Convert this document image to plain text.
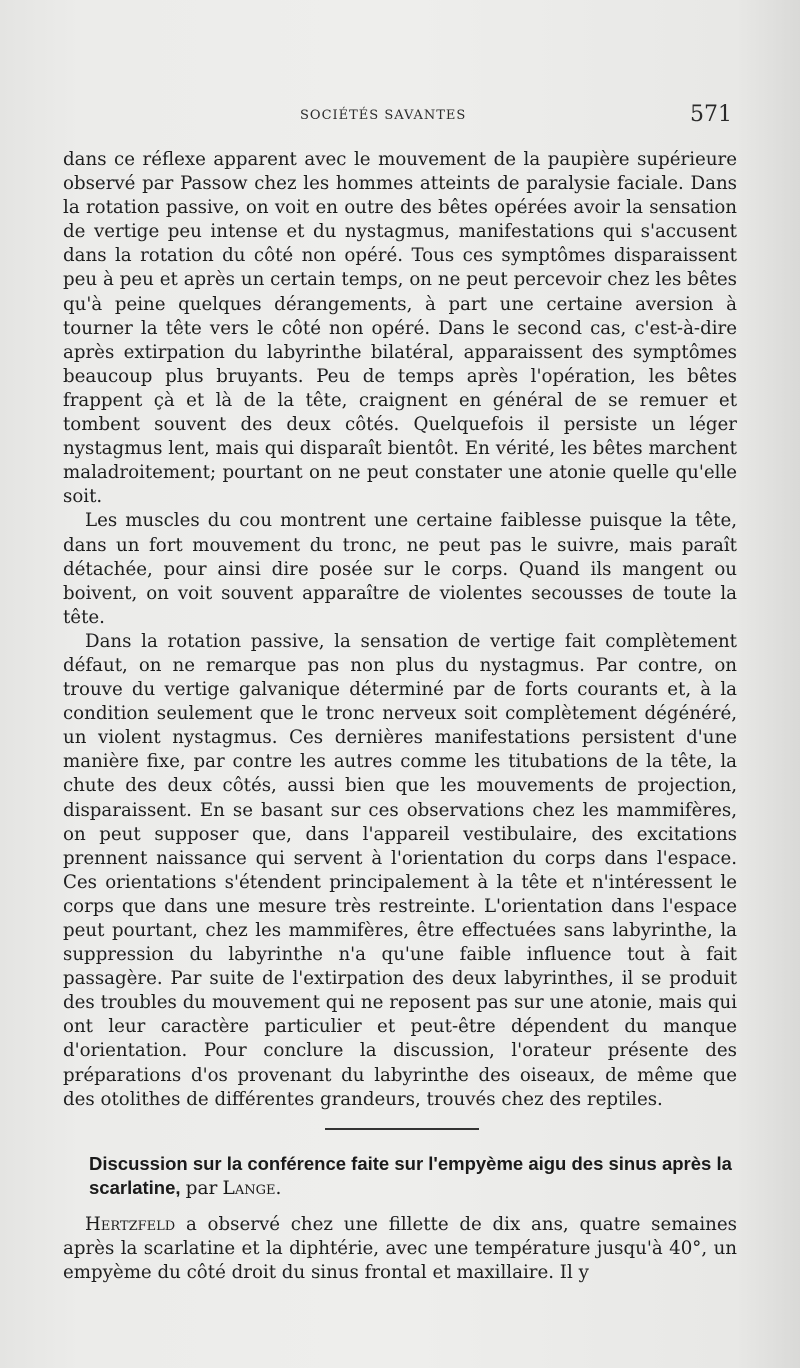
SOCIÉTÉS SAVANTES	571

dans ce réflexe apparent avec le mouvement de la paupière supérieure observé par Passow chez les hommes atteints de paralysie faciale. Dans la rotation passive, on voit en outre des bêtes opérées avoir la sensation de vertige peu intense et du nystagmus, manifestations qui s'accusent dans la rotation du côté non opéré. Tous ces symptômes disparaissent peu à peu et après un certain temps, on ne peut percevoir chez les bêtes qu'à peine quelques dérangements, à part une certaine aversion à tourner la tête vers le côté non opéré. Dans le second cas, c'est-à-dire après extirpation du labyrinthe bilatéral, apparaissent des symptômes beaucoup plus bruyants. Peu de temps après l'opération, les bêtes frappent çà et là de la tête, craignent en général de se remuer et tombent souvent des deux côtés. Quelquefois il persiste un léger nystagmus lent, mais qui disparaît bientôt. En vérité, les bêtes marchent maladroitement; pourtant on ne peut constater une atonie quelle qu'elle soit.

Les muscles du cou montrent une certaine faiblesse puisque la tête, dans un fort mouvement du tronc, ne peut pas le suivre, mais paraît détachée, pour ainsi dire posée sur le corps. Quand ils mangent ou boivent, on voit souvent apparaître de violentes secousses de toute la tête.

Dans la rotation passive, la sensation de vertige fait complètement défaut, on ne remarque pas non plus du nystagmus. Par contre, on trouve du vertige galvanique déterminé par de forts courants et, à la condition seulement que le tronc nerveux soit complètement dégénéré, un violent nystagmus. Ces dernières manifestations persistent d'une manière fixe, par contre les autres comme les titubations de la tête, la chute des deux côtés, aussi bien que les mouvements de projection, disparaissent. En se basant sur ces observations chez les mammifères, on peut supposer que, dans l'appareil vestibulaire, des excitations prennent naissance qui servent à l'orientation du corps dans l'espace. Ces orientations s'étendent principalement à la tête et n'intéressent le corps que dans une mesure très restreinte. L'orientation dans l'espace peut pourtant, chez les mammifères, être effectuées sans labyrinthe, la suppression du labyrinthe n'a qu'une faible influence tout à fait passagère. Par suite de l'extirpation des deux labyrinthes, il se produit des troubles du mouvement qui ne reposent pas sur une atonie, mais qui ont leur caractère particulier et peut-être dépendent du manque d'orientation. Pour conclure la discussion, l'orateur présente des préparations d'os provenant du labyrinthe des oiseaux, de même que des otolithes de différentes grandeurs, trouvés chez des reptiles.

Discussion sur la conférence faite sur l'empyème aigu des sinus après la scarlatine, par Lange.

Hertzfeld a observé chez une fillette de dix ans, quatre semaines après la scarlatine et la diphtérie, avec une température jusqu'à 40°, un empyème du côté droit du sinus frontal et maxillaire. Il y
